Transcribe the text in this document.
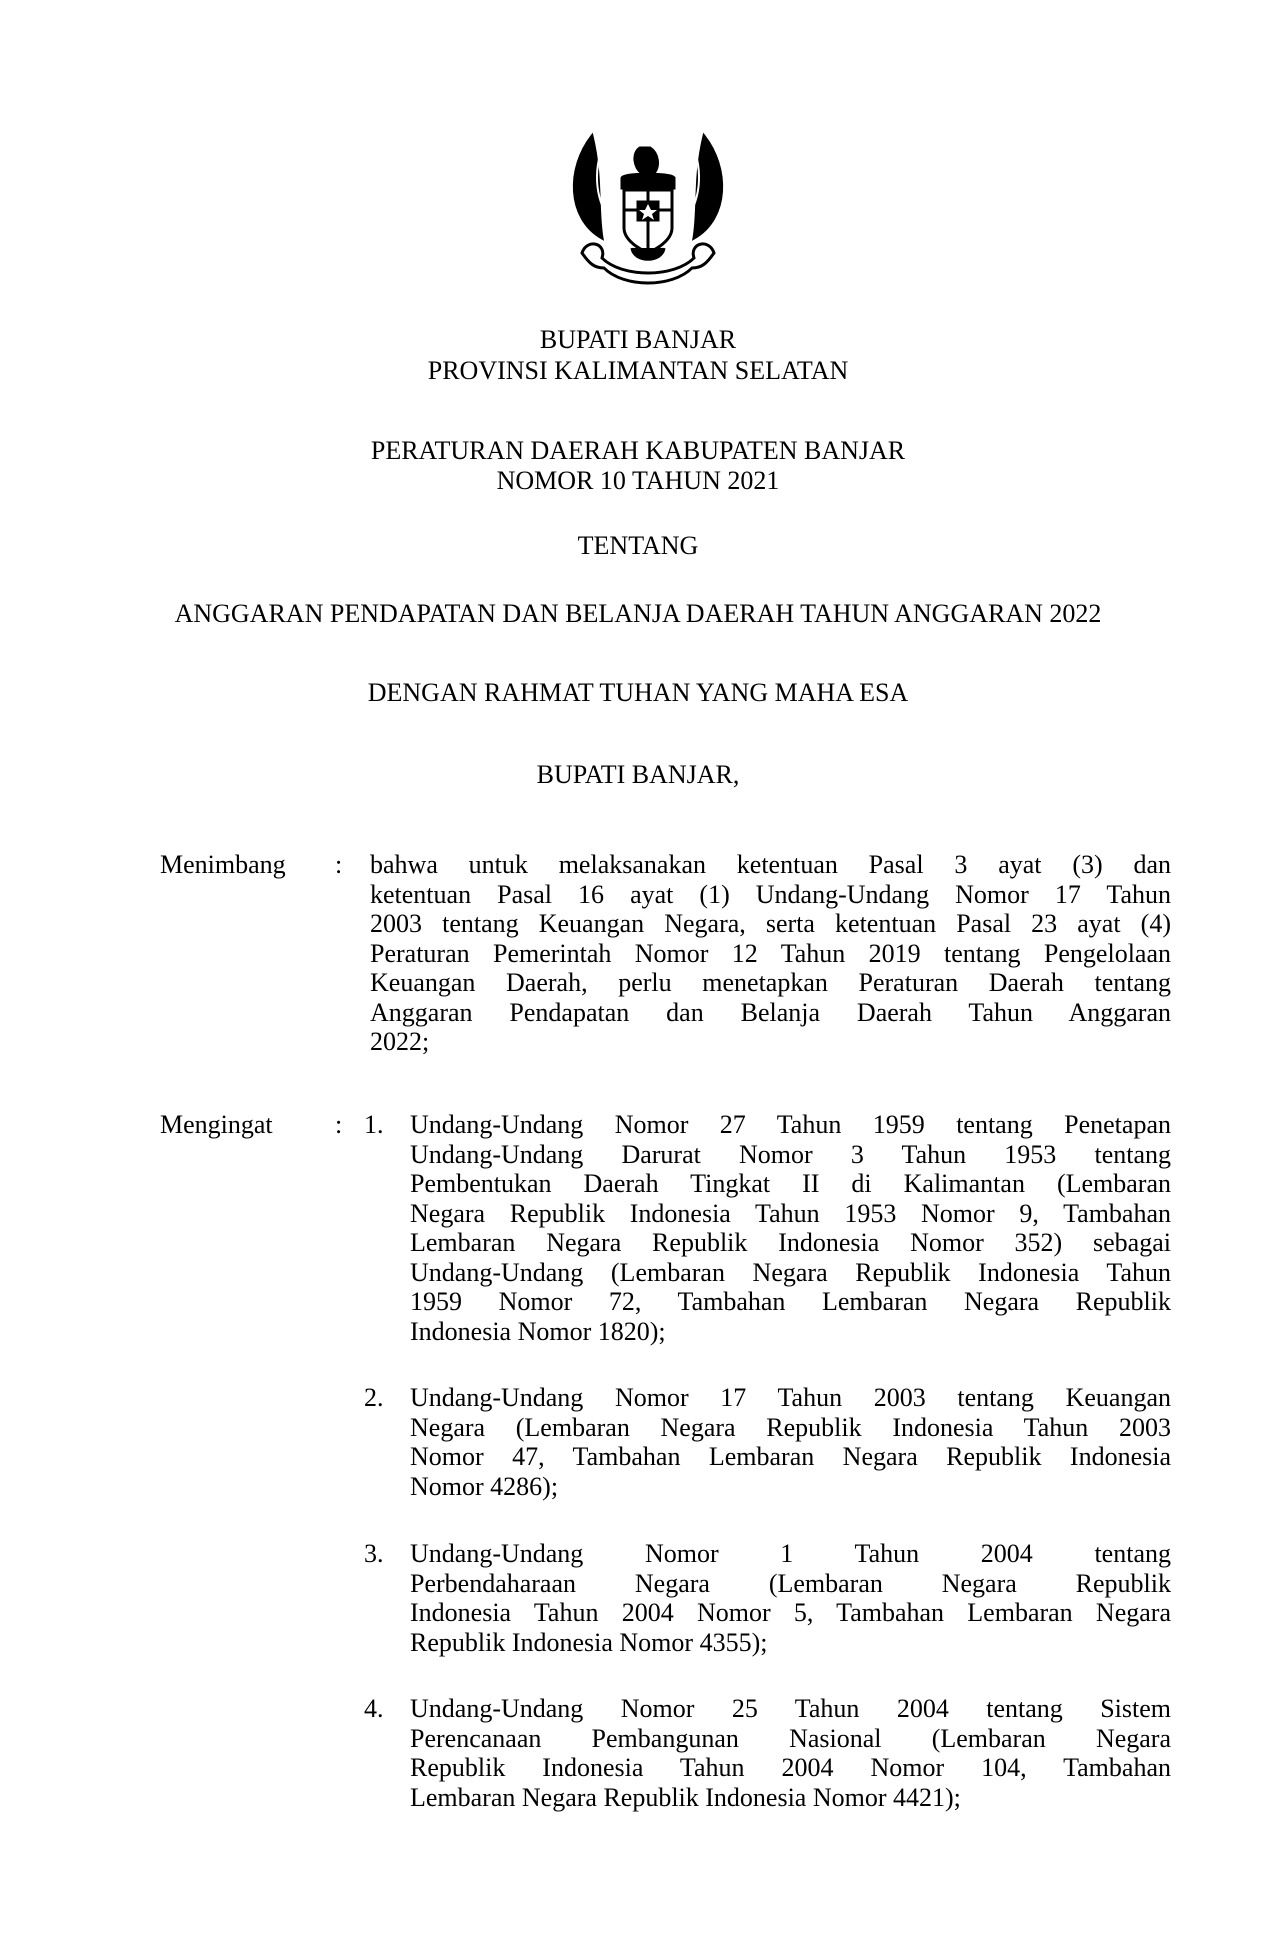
BUPATI BANJAR
PROVINSI KALIMANTAN SELATAN
PERATURAN DAERAH KABUPATEN BANJAR
NOMOR 10 TAHUN 2021
TENTANG
ANGGARAN PENDAPATAN DAN BELANJA DAERAH TAHUN ANGGARAN 2022
DENGAN RAHMAT TUHAN YANG MAHA ESA
BUPATI BANJAR,
Menimbang : bahwa untuk melaksanakan ketentuan Pasal 3 ayat (3) dan
ketentuan Pasal 16 ayat (1) Undang-Undang Nomor 17 Tahun
2003 tentang Keuangan Negara, serta ketentuan Pasal 23 ayat (4)
Peraturan Pemerintah Nomor 12 Tahun 2019 tentang Pengelolaan
Keuangan Daerah, perlu menetapkan Peraturan Daerah tentang
Anggaran Pendapatan dan Belanja Daerah Tahun Anggaran
2022;
Mengingat : 1. Undang-Undang Nomor 27 Tahun 1959 tentang Penetapan
Undang-Undang Darurat Nomor 3 Tahun 1953 tentang
Pembentukan Daerah Tingkat II di Kalimantan (Lembaran
Negara Republik Indonesia Tahun 1953 Nomor 9, Tambahan
Lembaran Negara Republik Indonesia Nomor 352) sebagai
Undang-Undang (Lembaran Negara Republik Indonesia Tahun
1959 Nomor 72, Tambahan Lembaran Negara Republik
Indonesia Nomor 1820);
2. Undang-Undang Nomor 17 Tahun 2003 tentang Keuangan
Negara (Lembaran Negara Republik Indonesia Tahun 2003
Nomor 47, Tambahan Lembaran Negara Republik Indonesia
Nomor 4286);
3. Undang-Undang Nomor 1 Tahun 2004 tentang
Perbendaharaan Negara (Lembaran Negara Republik
Indonesia Tahun 2004 Nomor 5, Tambahan Lembaran Negara
Republik Indonesia Nomor 4355);
4. Undang-Undang Nomor 25 Tahun 2004 tentang Sistem
Perencanaan Pembangunan Nasional (Lembaran Negara
Republik Indonesia Tahun 2004 Nomor 104, Tambahan
Lembaran Negara Republik Indonesia Nomor 4421);
